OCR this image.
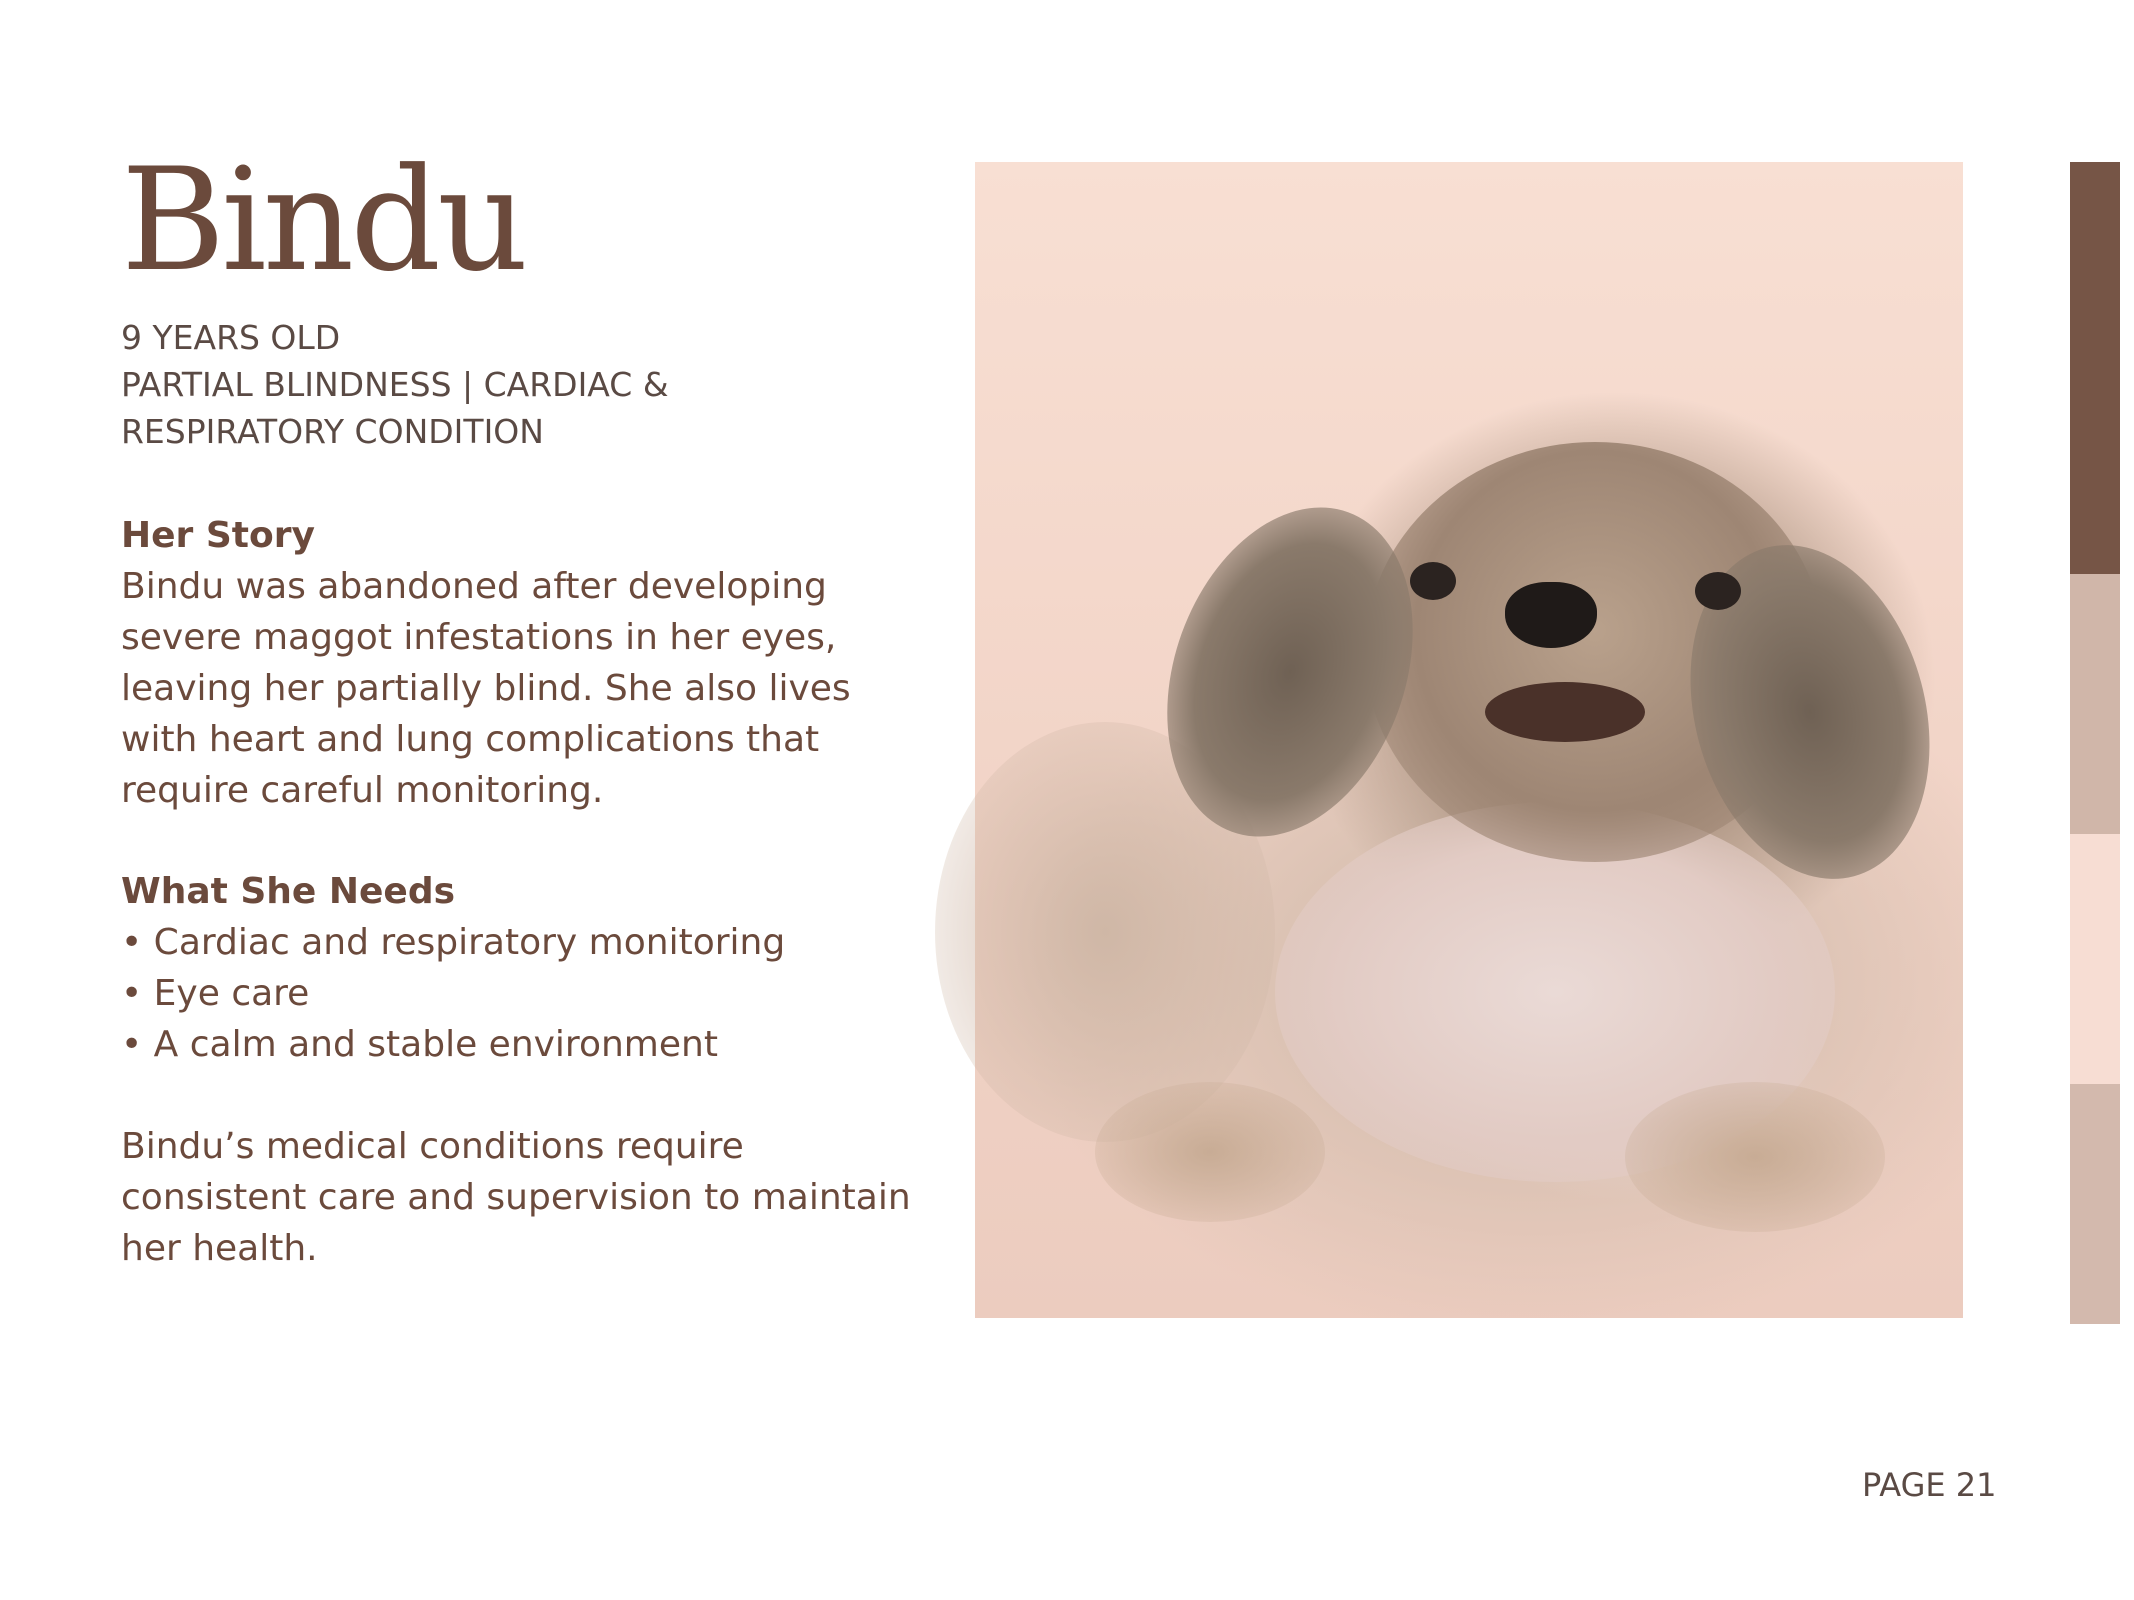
Bindu
9 YEARS OLD
PARTIAL BLINDNESS | CARDIAC &
RESPIRATORY CONDITION
Her Story
Bindu was abandoned after developing
severe maggot infestations in her eyes,
leaving her partially blind. She also lives
with heart and lung complications that
require careful monitoring.
What She Needs
• Cardiac and respiratory monitoring
• Eye care
• A calm and stable environment
Bindu’s medical conditions require
consistent care and supervision to maintain
her health.
PAGE 21
